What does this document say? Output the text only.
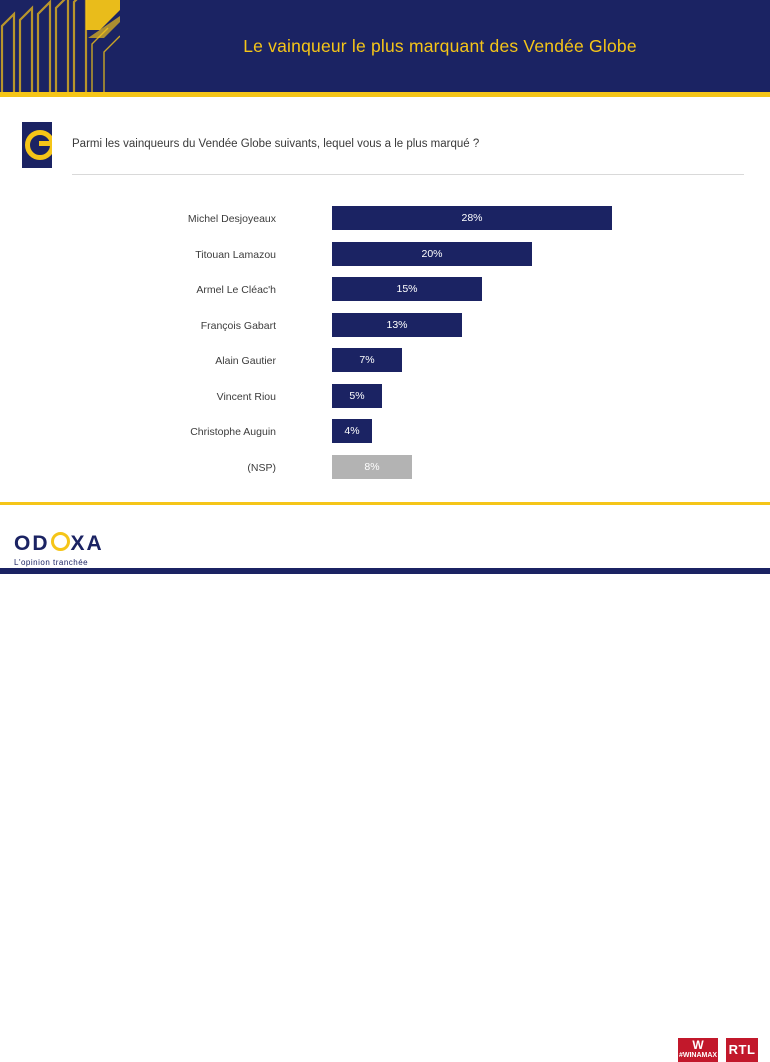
Le vainqueur le plus marquant des Vendée Globe
Parmi les vainqueurs du Vendée Globe suivants, lequel vous a le plus marqué ?
Michel Desjoyeaux	28%
Titouan Lamazou	20%
Armel Le Cléac'h	15%
François Gabart	13%
Alain Gautier	7%
Vincent Riou	5%
Christophe Auguin	4%
(NSP)	8%
OD XA
L'opinion tranchée
W
#WINAMAX RTL
